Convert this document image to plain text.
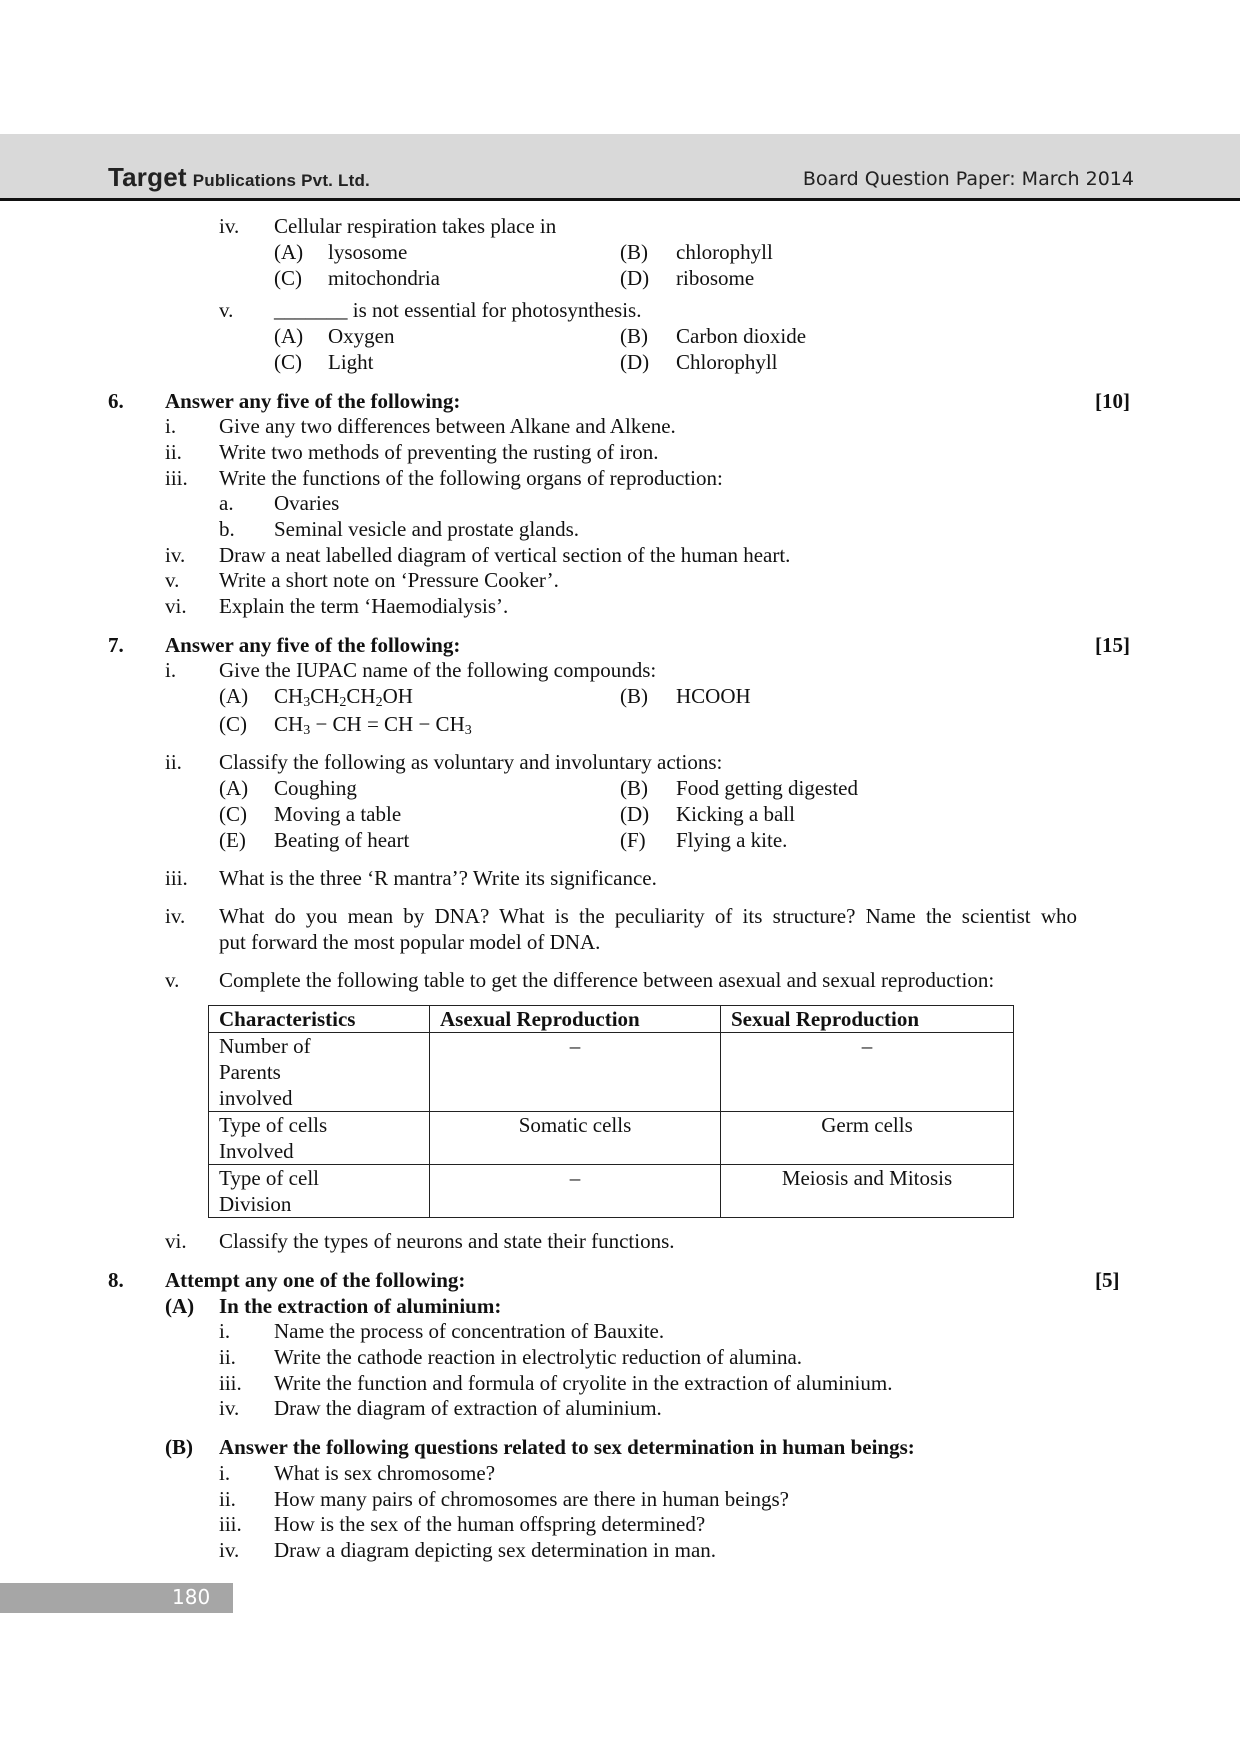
Target Publications Pvt. Ltd.	Board Question Paper: March 2014
iv. Cellular respiration takes place in
(A) lysosome	(B) chlorophyll
(C) mitochondria	(D) ribosome
v. _______ is not essential for photosynthesis.
(A) Oxygen	(B) Carbon dioxide
(C) Light	(D) Chlorophyll
6. Answer any five of the following:	[10]
i. Give any two differences between Alkane and Alkene.
ii. Write two methods of preventing the rusting of iron.
iii. Write the functions of the following organs of reproduction:
a. Ovaries
b. Seminal vesicle and prostate glands.
iv. Draw a neat labelled diagram of vertical section of the human heart.
v. Write a short note on ‘Pressure Cooker’.
vi. Explain the term ‘Haemodialysis’.
7. Answer any five of the following:	[15]
i. Give the IUPAC name of the following compounds:
(A) $CH_3CH_2CH_2OH$	(B) HCOOH
(C) $CH_3$ − CH = CH − $CH_3$
ii. Classify the following as voluntary and involuntary actions:
(A) Coughing	(B) Food getting digested
(C) Moving a table	(D) Kicking a ball
(E) Beating of heart	(F) Flying a kite.
iii. What is the three ‘R mantra’? Write its significance.
iv. What do you mean by DNA? What is the peculiarity of its structure? Name the scientist who
put forward the most popular model of DNA.
v. Complete the following table to get the difference between asexual and sexual reproduction:
Characteristics	Asexual Reproduction	Sexual Reproduction

Number of
Parents
involved	–	–

Type of cells
Involved	Somatic cells	Germ cells

Type of cell
Division	–	Meiosis and Mitosis
vi. Classify the types of neurons and state their functions.
8. Attempt any one of the following:	[5]
(A) In the extraction of aluminium:
i. Name the process of concentration of Bauxite.
ii. Write the cathode reaction in electrolytic reduction of alumina.
iii. Write the function and formula of cryolite in the extraction of aluminium.
iv. Draw the diagram of extraction of aluminium.
(B) Answer the following questions related to sex determination in human beings:
i. What is sex chromosome?
ii. How many pairs of chromosomes are there in human beings?
iii. How is the sex of the human offspring determined?
iv. Draw a diagram depicting sex determination in man.
180
